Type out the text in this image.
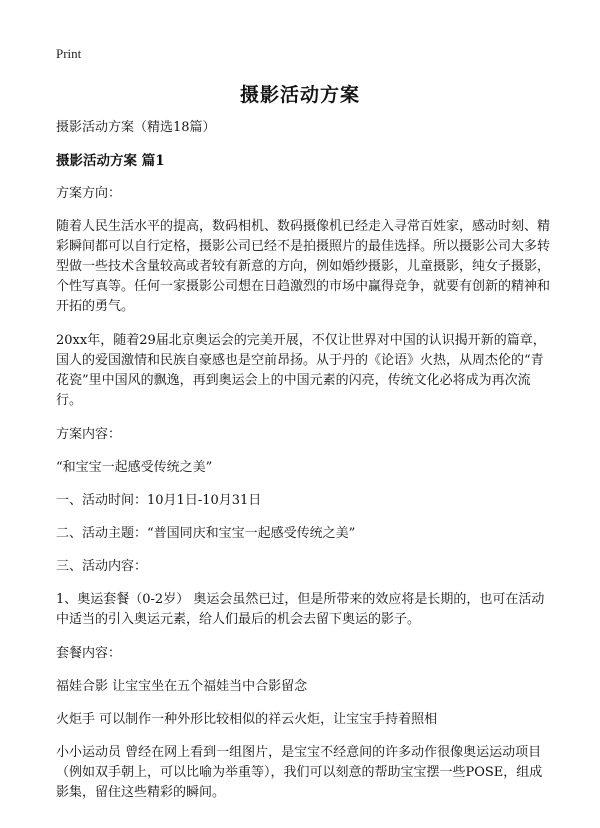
Print
摄影活动方案

摄影活动方案（精选18篇）

摄影活动方案 篇1

方案方向：

随着人民生活水平的提高，数码相机、数码摄像机已经走入寻常百姓家，感动时刻、精彩瞬间都可以自行定格，摄影公司已经不是拍摄照片的最佳选择。所以摄影公司大多转型做一些技术含量较高或者较有新意的方向，例如婚纱摄影，儿童摄影，纯女子摄影，个性写真等。任何一家摄影公司想在日趋激烈的市场中赢得竞争，就要有创新的精神和开拓的勇气。

20xx年，随着29届北京奥运会的完美开展，不仅让世界对中国的认识揭开新的篇章，国人的爱国激情和民族自豪感也是空前昂扬。从于丹的《论语》火热，从周杰伦的“青花瓷”里中国风的飘逸，再到奥运会上的中国元素的闪亮，传统文化必将成为再次流行。

方案内容：

“和宝宝一起感受传统之美”

一、活动时间：10月1日-10月31日

二、活动主题：“普国同庆和宝宝一起感受传统之美”

三、活动内容：

1、奥运套餐（0-2岁） 奥运会虽然已过，但是所带来的效应将是长期的，也可在活动中适当的引入奥运元素，给人们最后的机会去留下奥运的影子。

套餐内容：

福娃合影 让宝宝坐在五个福娃当中合影留念

火炬手 可以制作一种外形比较相似的祥云火炬，让宝宝手持着照相

小小运动员 曾经在网上看到一组图片，是宝宝不经意间的许多动作很像奥运运动项目（例如双手朝上，可以比喻为举重等），我们可以刻意的帮助宝宝摆一些POSE，组成影集，留住这些精彩的瞬间。
